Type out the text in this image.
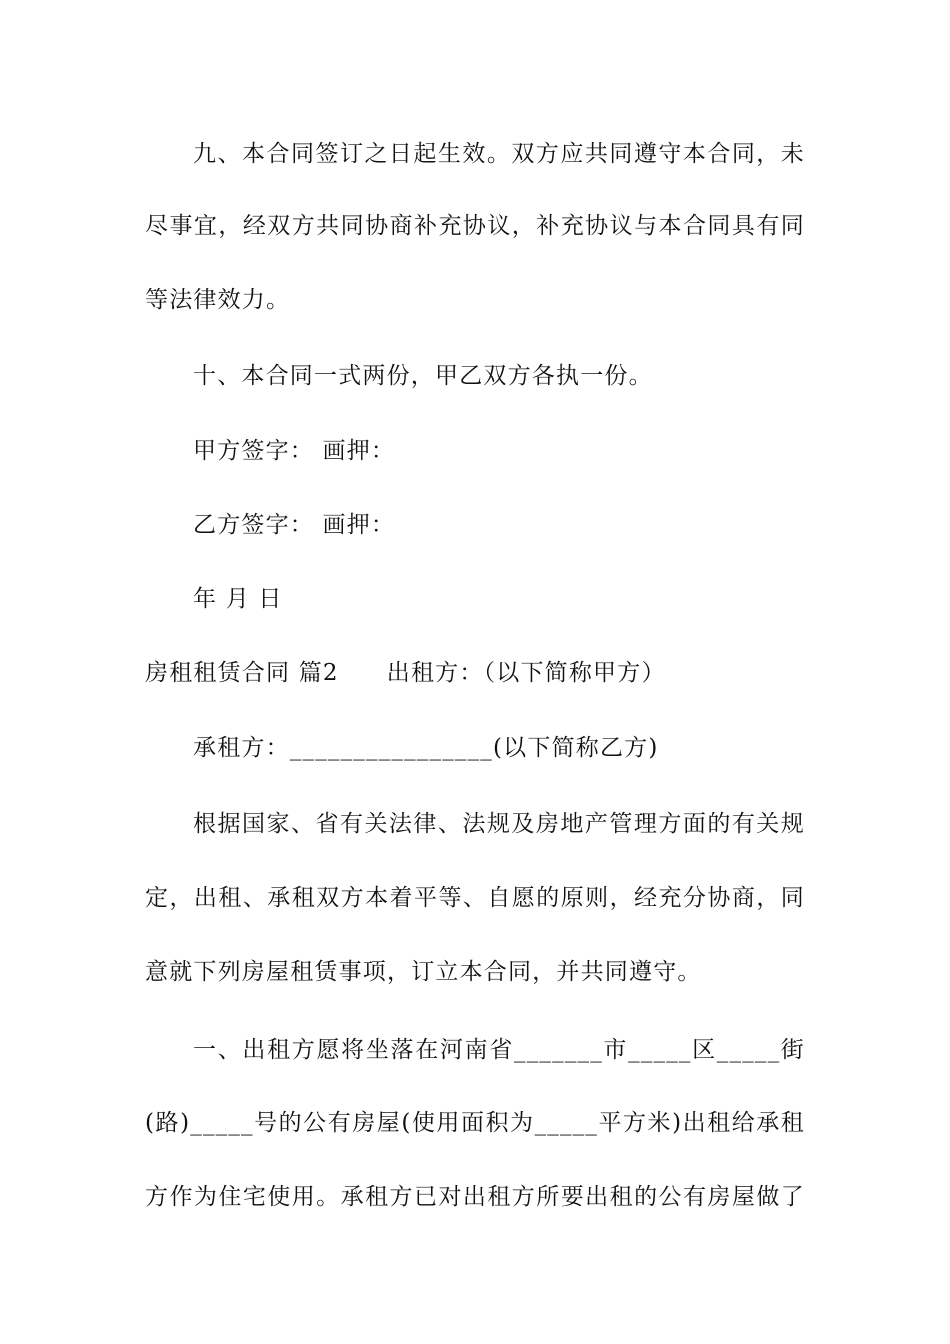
九、本合同签订之日起生效。双方应共同遵守本合同，未
尽事宜，经双方共同协商补充协议，补充协议与本合同具有同
等法律效力。
十、本合同一式两份，甲乙双方各执一份。
甲方签字： 画押：
乙方签字： 画押：
年 月 日
房租租赁合同 篇2 出租方：（以下简称甲方）
承租方：________________(以下简称乙方)
根据国家、省有关法律、法规及房地产管理方面的有关规
定，出租、承租双方本着平等、自愿的原则，经充分协商，同
意就下列房屋租赁事项，订立本合同，并共同遵守。
一、出租方愿将坐落在河南省_______市_____区_____街
(路)_____号的公有房屋(使用面积为_____平方米)出租给承租
方作为住宅使用。承租方已对出租方所要出租的公有房屋做了
